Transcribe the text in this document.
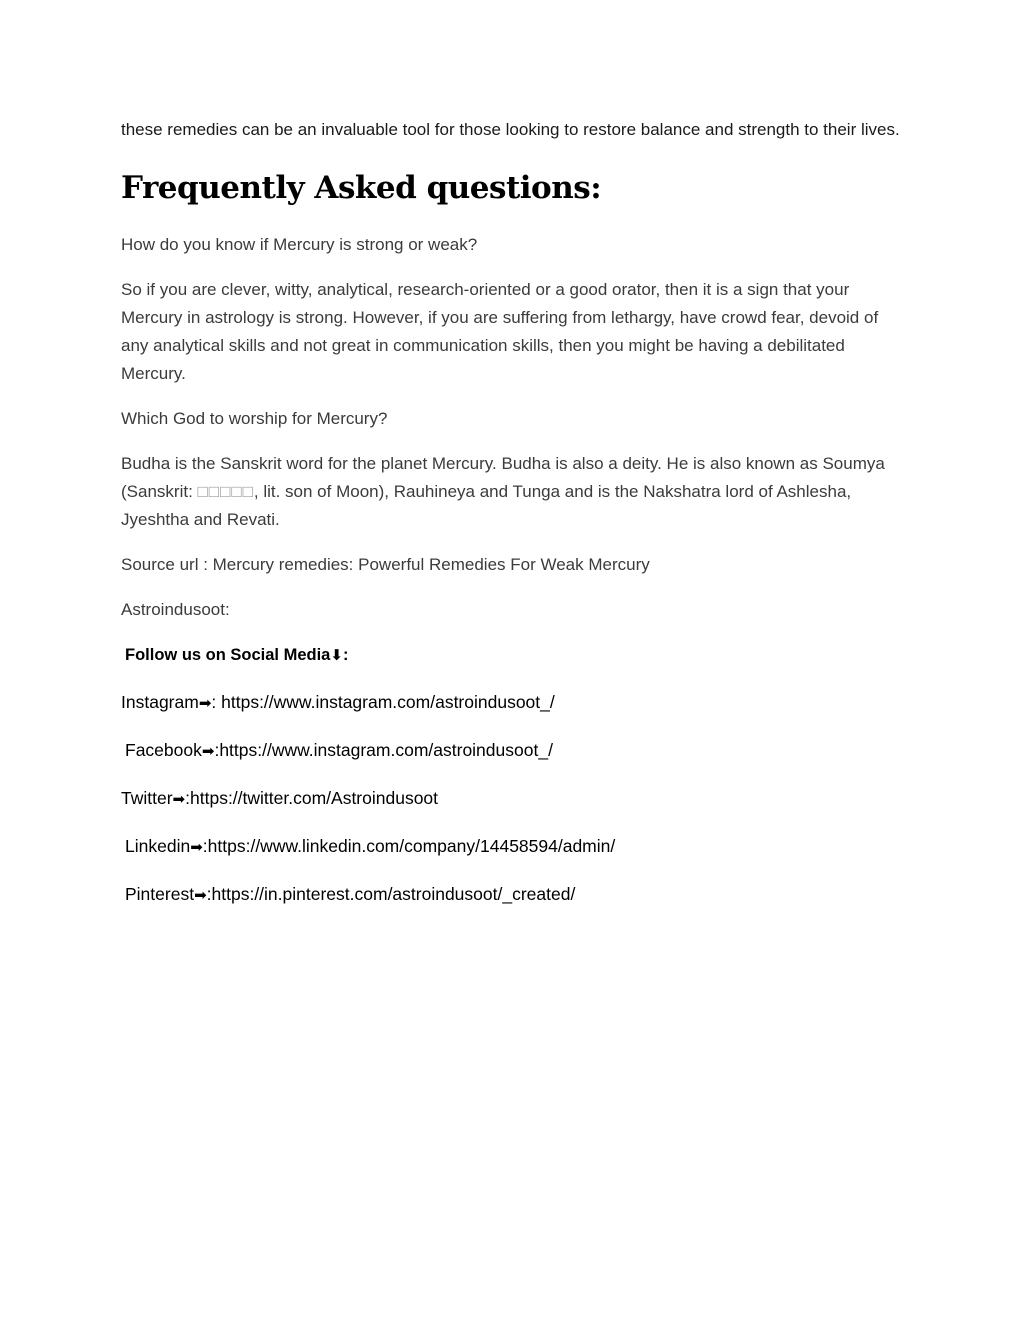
these remedies can be an invaluable tool for those looking to restore balance and strength to their lives.

Frequently Asked questions:

How do you know if Mercury is strong or weak?

So if you are clever, witty, analytical, research-oriented or a good orator, then it is a sign that your Mercury in astrology is strong. However, if you are suffering from lethargy, have crowd fear, devoid of any analytical skills and not great in communication skills, then you might be having a debilitated Mercury.

Which God to worship for Mercury?

Budha is the Sanskrit word for the planet Mercury. Budha is also a deity. He is also known as Soumya (Sanskrit: □□□□□, lit. son of Moon), Rauhineya and Tunga and is the Nakshatra lord of Ashlesha, Jyeshtha and Revati.

Source url : Mercury remedies: Powerful Remedies For Weak Mercury

Astroindusoot:

Follow us on Social Media⬇:

Instagram➡: https://www.instagram.com/astroindusoot_/

Facebook➡:https://www.instagram.com/astroindusoot_/

Twitter➡:https://twitter.com/Astroindusoot

Linkedin➡:https://www.linkedin.com/company/14458594/admin/

Pinterest➡:https://in.pinterest.com/astroindusoot/_created/
